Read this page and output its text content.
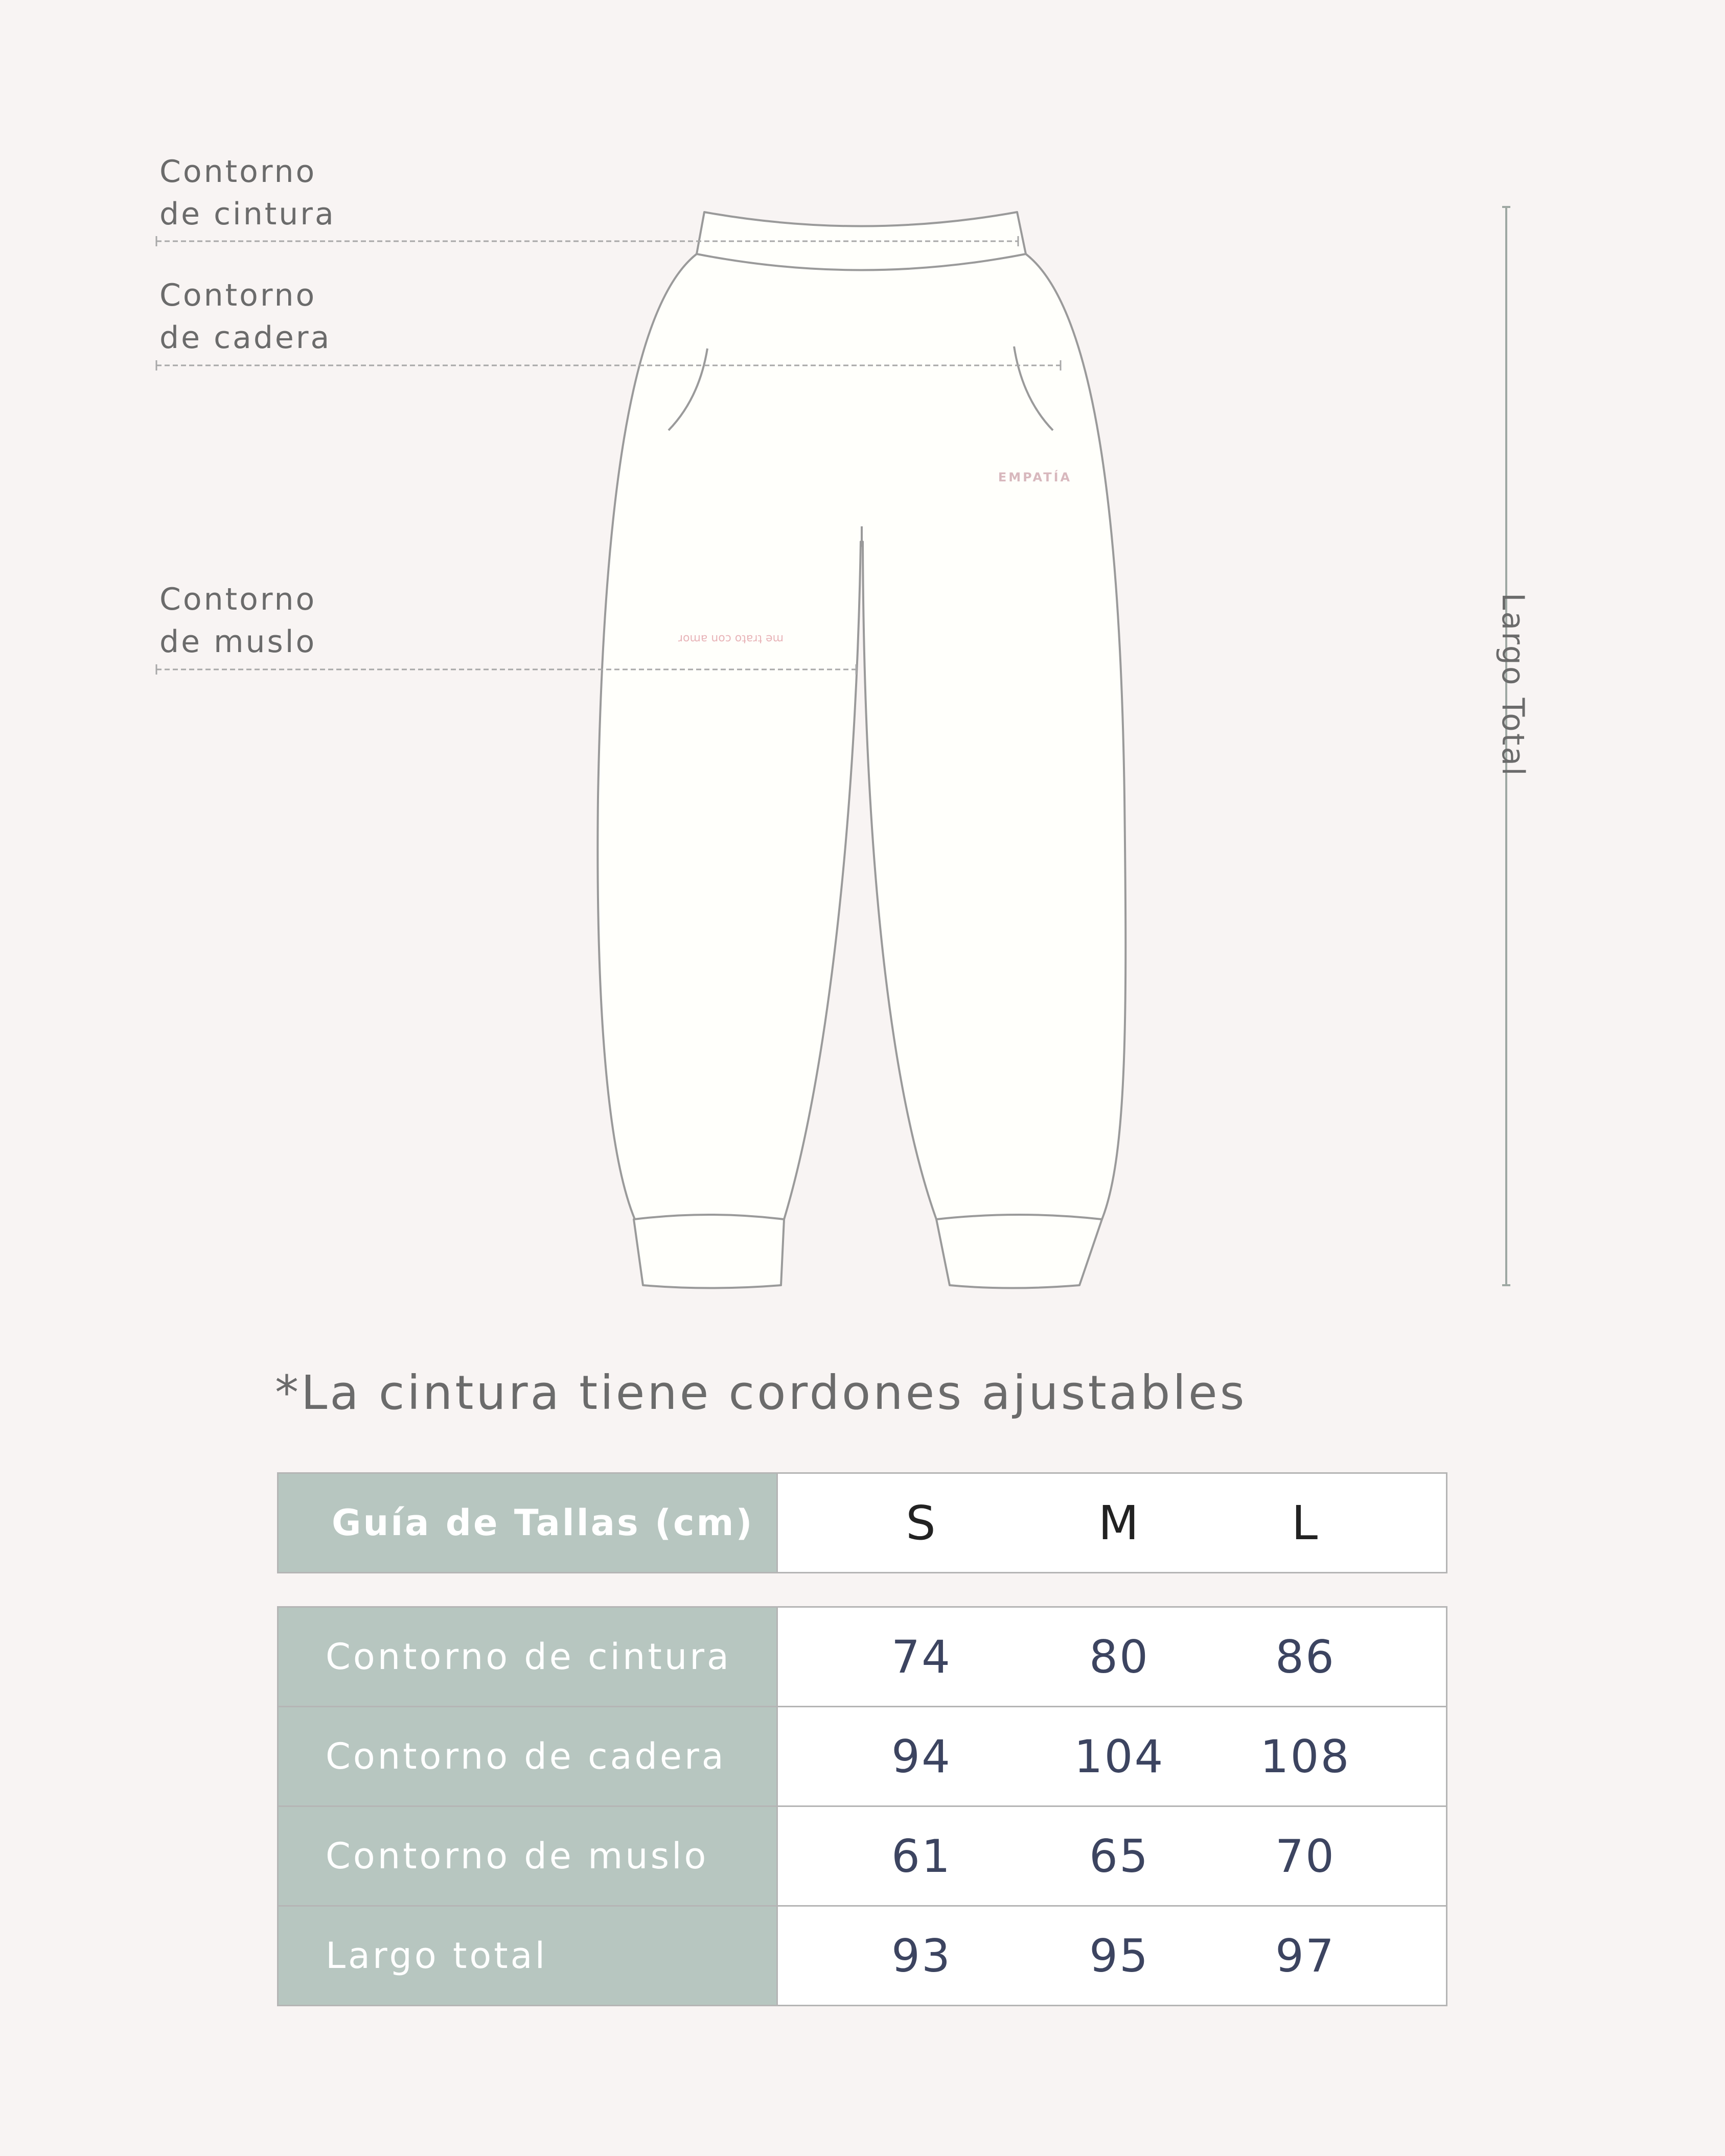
EMPATÍA
me trato con amor
Contorno
de cintura
Contorno
de cadera
Contorno
de muslo	Largo Total
*La cintura tiene cordones ajustables
Guía de Tallas (cm)	S	M	L
Contorno de cintura	74	80	86
Contorno de cadera	94	104	108
Contorno de muslo	61	65	70
Largo total	93	95	97
